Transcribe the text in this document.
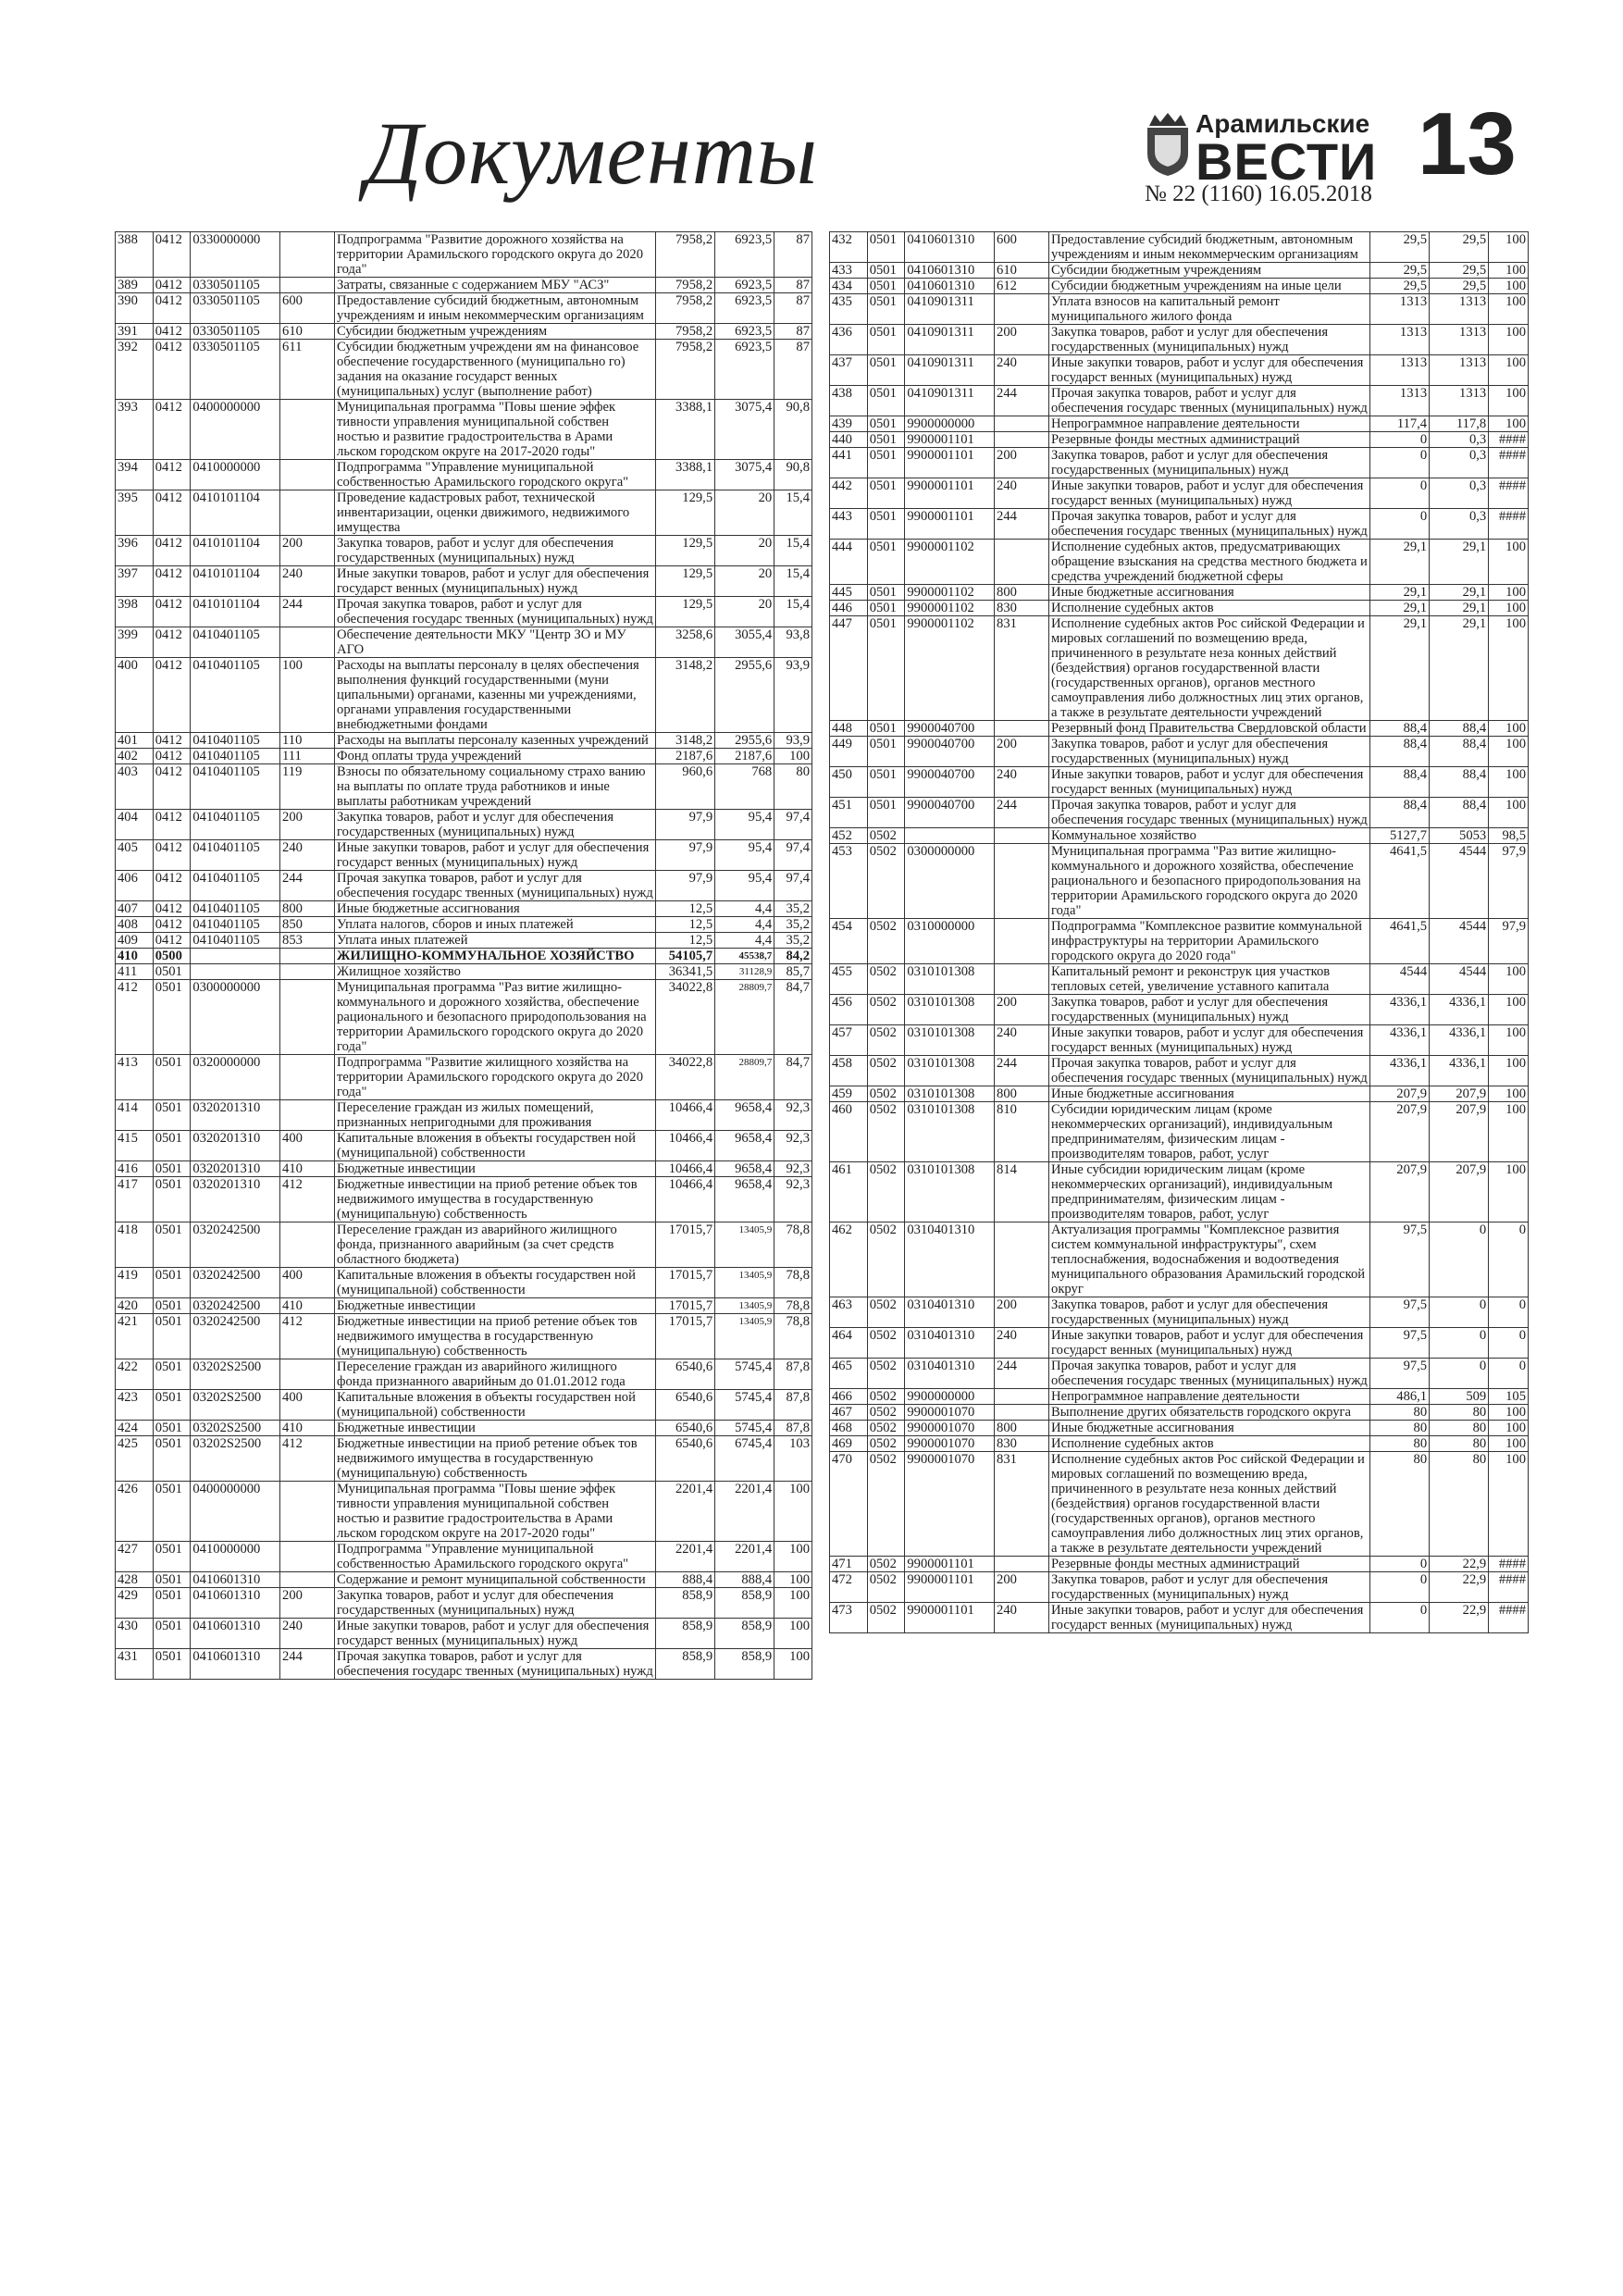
Документы	Арамильские
ВЕСТИ
№ 22 (1160) 16.05.2018
13
388	0412	0330000000		Подпрограмма "Развитие дорожного хозяйства на территории Арамильского городского округа до 2020 года"	7958,2	6923,5	87
389	0412	0330501105		Затраты, связанные с содержанием МБУ "АСЗ"	7958,2	6923,5	87
390	0412	0330501105	600	Предоставление субсидий бюджетным, автономным учреждениям и иным некоммерческим организациям	7958,2	6923,5	87
391	0412	0330501105	610	Субсидии бюджетным учреждениям	7958,2	6923,5	87
392	0412	0330501105	611	Субсидии бюджетным учреждени ям на финансовое обеспечение государственного (муниципально го) задания на оказание государст венных (муниципальных) услуг (выполнение работ)	7958,2	6923,5	87
393	0412	0400000000		Муниципальная программа "Повы шение эффек тивности управления муниципальной собствен ностью и развитие градостроительства в Арами льском городском округе на 2017-2020 годы"	3388,1	3075,4	90,8
394	0412	0410000000		Подпрограмма "Управление муниципальной собственностью Арамильского городского округа"	3388,1	3075,4	90,8
395	0412	0410101104		Проведение кадастровых работ, технической инвентаризации, оценки движимого, недвижимого имущества	129,5	20	15,4
396	0412	0410101104	200	Закупка товаров, работ и услуг для обеспечения государственных (муниципальных) нужд	129,5	20	15,4
397	0412	0410101104	240	Иные закупки товаров, работ и услуг для обеспечения государст венных (муниципальных) нужд	129,5	20	15,4
398	0412	0410101104	244	Прочая закупка товаров, работ и услуг для обеспечения государс твенных (муниципальных) нужд	129,5	20	15,4
399	0412	0410401105		Обеспечение деятельности МКУ "Центр ЗО и МУ АГО	3258,6	3055,4	93,8
400	0412	0410401105	100	Расходы на выплаты персоналу в целях обеспечения выполнения функций государственными (муни ципальными) органами, казенны ми учреждениями, органами управления государственными внебюджетными фондами	3148,2	2955,6	93,9
401	0412	0410401105	110	Расходы на выплаты персоналу казенных учреждений	3148,2	2955,6	93,9
402	0412	0410401105	111	Фонд оплаты труда учреждений	2187,6	2187,6	100
403	0412	0410401105	119	Взносы по обязательному социальному страхо ванию на выплаты по оплате труда работников и иные выплаты работникам учреждений	960,6	768	80
404	0412	0410401105	200	Закупка товаров, работ и услуг для обеспечения государственных (муниципальных) нужд	97,9	95,4	97,4
405	0412	0410401105	240	Иные закупки товаров, работ и услуг для обеспечения государст венных (муниципальных) нужд	97,9	95,4	97,4
406	0412	0410401105	244	Прочая закупка товаров, работ и услуг для обеспечения государс твенных (муниципальных) нужд	97,9	95,4	97,4
407	0412	0410401105	800	Иные бюджетные ассигнования	12,5	4,4	35,2
408	0412	0410401105	850	Уплата налогов, сборов и иных платежей	12,5	4,4	35,2
409	0412	0410401105	853	Уплата иных платежей	12,5	4,4	35,2
410	0500			ЖИЛИЩНО-КОММУНАЛЬНОЕ ХОЗЯЙСТВО	54105,7	45538,7	84,2
411	0501			Жилищное хозяйство	36341,5	31128,9	85,7
412	0501	0300000000		Муниципальная программа "Раз витие жилищно-коммунального и дорожного хозяйства, обеспечение рационального и безопасного природопользования на территории Арамильского городского округа до 2020 года"	34022,8	28809,7	84,7
413	0501	0320000000		Подпрограмма "Развитие жилищного хозяйства на территории Арамильского городского округа до 2020 года"	34022,8	28809,7	84,7
414	0501	0320201310		Переселение граждан из жилых помещений, признанных непригодными для проживания	10466,4	9658,4	92,3
415	0501	0320201310	400	Капитальные вложения в объекты государствен ной (муниципальной) собственности	10466,4	9658,4	92,3
416	0501	0320201310	410	Бюджетные инвестиции	10466,4	9658,4	92,3
417	0501	0320201310	412	Бюджетные инвестиции на приоб ретение объек тов недвижимого имущества в государственную (муниципальную) собственность	10466,4	9658,4	92,3
418	0501	0320242500		Переселение граждан из аварийного жилищного фонда, признанного аварийным (за счет средств областного бюджета)	17015,7	13405,9	78,8
419	0501	0320242500	400	Капитальные вложения в объекты государствен ной (муниципальной) собственности	17015,7	13405,9	78,8
420	0501	0320242500	410	Бюджетные инвестиции	17015,7	13405,9	78,8
421	0501	0320242500	412	Бюджетные инвестиции на приоб ретение объек тов недвижимого имущества в государственную (муниципальную) собственность	17015,7	13405,9	78,8
422	0501	03202S2500		Переселение граждан из аварийного жилищного фонда признанного аварийным до 01.01.2012 года	6540,6	5745,4	87,8
423	0501	03202S2500	400	Капитальные вложения в объекты государствен ной (муниципальной) собственности	6540,6	5745,4	87,8
424	0501	03202S2500	410	Бюджетные инвестиции	6540,6	5745,4	87,8
425	0501	03202S2500	412	Бюджетные инвестиции на приоб ретение объек тов недвижимого имущества в государственную (муниципальную) собственность	6540,6	6745,4	103
426	0501	0400000000		Муниципальная программа "Повы шение эффек тивности управления муниципальной собствен ностью и развитие градостроительства в Арами льском городском округе на 2017-2020 годы"	2201,4	2201,4	100
427	0501	0410000000		Подпрограмма "Управление муниципальной собственностью Арамильского городского округа"	2201,4	2201,4	100
428	0501	0410601310		Содержание и ремонт муниципальной собственности	888,4	888,4	100
429	0501	0410601310	200	Закупка товаров, работ и услуг для обеспечения государственных (муниципальных) нужд	858,9	858,9	100
430	0501	0410601310	240	Иные закупки товаров, работ и услуг для обеспечения государст венных (муниципальных) нужд	858,9	858,9	100
431	0501	0410601310	244	Прочая закупка товаров, работ и услуг для обеспечения государс твенных (муниципальных) нужд	858,9	858,9	100
432	0501	0410601310	600	Предоставление субсидий бюджетным, автономным учреждениям и иным некоммерческим организациям	29,5	29,5	100
433	0501	0410601310	610	Субсидии бюджетным учреждениям	29,5	29,5	100
434	0501	0410601310	612	Субсидии бюджетным учреждениям на иные цели	29,5	29,5	100
435	0501	0410901311		Уплата взносов на капитальный ремонт муниципального жилого фонда	1313	1313	100
436	0501	0410901311	200	Закупка товаров, работ и услуг для обеспечения государственных (муниципальных) нужд	1313	1313	100
437	0501	0410901311	240	Иные закупки товаров, работ и услуг для обеспечения государст венных (муниципальных) нужд	1313	1313	100
438	0501	0410901311	244	Прочая закупка товаров, работ и услуг для обеспечения государс твенных (муниципальных) нужд	1313	1313	100
439	0501	9900000000		Непрограммное направление деятельности	117,4	117,8	100
440	0501	9900001101		Резервные фонды местных администраций	0	0,3	####
441	0501	9900001101	200	Закупка товаров, работ и услуг для обеспечения государственных (муниципальных) нужд	0	0,3	####
442	0501	9900001101	240	Иные закупки товаров, работ и услуг для обеспечения государст венных (муниципальных) нужд	0	0,3	####
443	0501	9900001101	244	Прочая закупка товаров, работ и услуг для обеспечения государс твенных (муниципальных) нужд	0	0,3	####
444	0501	9900001102		Исполнение судебных актов, предусматривающих обращение взыскания на средства местного бюджета и средства учреждений бюджетной сферы	29,1	29,1	100
445	0501	9900001102	800	Иные бюджетные ассигнования	29,1	29,1	100
446	0501	9900001102	830	Исполнение судебных актов	29,1	29,1	100
447	0501	9900001102	831	Исполнение судебных актов Рос сийской Федерации и мировых соглашений по возмещению вреда, причиненного в результате неза конных действий (бездействия) органов государственной власти (государственных органов), органов местного самоуправления либо должностных лиц этих органов, а также в результате деятельности учреждений	29,1	29,1	100
448	0501	9900040700		Резервный фонд Правительства Свердловской области	88,4	88,4	100
449	0501	9900040700	200	Закупка товаров, работ и услуг для обеспечения государственных (муниципальных) нужд	88,4	88,4	100
450	0501	9900040700	240	Иные закупки товаров, работ и услуг для обеспечения государст венных (муниципальных) нужд	88,4	88,4	100
451	0501	9900040700	244	Прочая закупка товаров, работ и услуг для обеспечения государс твенных (муниципальных) нужд	88,4	88,4	100
452	0502			Коммунальное хозяйство	5127,7	5053	98,5
453	0502	0300000000		Муниципальная программа "Раз витие жилищно-коммунального и дорожного хозяйства, обеспечение рационального и безопасного природопользования на территории Арамильского городского округа до 2020 года"	4641,5	4544	97,9
454	0502	0310000000		Подпрограмма "Комплексное развитие коммунальной инфраструктуры на территории Арамильского городского округа до 2020 года"	4641,5	4544	97,9
455	0502	0310101308		Капитальный ремонт и реконструк ция участков тепловых сетей, увеличение уставного капитала	4544	4544	100
456	0502	0310101308	200	Закупка товаров, работ и услуг для обеспечения государственных (муниципальных) нужд	4336,1	4336,1	100
457	0502	0310101308	240	Иные закупки товаров, работ и услуг для обеспечения государст венных (муниципальных) нужд	4336,1	4336,1	100
458	0502	0310101308	244	Прочая закупка товаров, работ и услуг для обеспечения государс твенных (муниципальных) нужд	4336,1	4336,1	100
459	0502	0310101308	800	Иные бюджетные ассигнования	207,9	207,9	100
460	0502	0310101308	810	Субсидии юридическим лицам (кроме некоммерческих организаций), индивидуальным предпринимателям, физическим лицам - производителям товаров, работ, услуг	207,9	207,9	100
461	0502	0310101308	814	Иные субсидии юридическим лицам (кроме некоммерческих организаций), индивидуальным предпринимателям, физическим лицам - производителям товаров, работ, услуг	207,9	207,9	100
462	0502	0310401310		Актуализация программы "Комплексное развития систем коммунальной инфраструктуры", схем теплоснабжения, водоснабжения и водоотведения муниципального образования Арамильский городской округ	97,5	0	0
463	0502	0310401310	200	Закупка товаров, работ и услуг для обеспечения государственных (муниципальных) нужд	97,5	0	0
464	0502	0310401310	240	Иные закупки товаров, работ и услуг для обеспечения государст венных (муниципальных) нужд	97,5	0	0
465	0502	0310401310	244	Прочая закупка товаров, работ и услуг для обеспечения государс твенных (муниципальных) нужд	97,5	0	0
466	0502	9900000000		Непрограммное направление деятельности	486,1	509	105
467	0502	9900001070		Выполнение других обязательств городского округа	80	80	100
468	0502	9900001070	800	Иные бюджетные ассигнования	80	80	100
469	0502	9900001070	830	Исполнение судебных актов	80	80	100
470	0502	9900001070	831	Исполнение судебных актов Рос сийской Федерации и мировых соглашений по возмещению вреда, причиненного в результате неза конных действий (бездействия) органов государственной власти (государственных органов), органов местного самоуправления либо должностных лиц этих органов, а также в результате деятельности учреждений	80	80	100
471	0502	9900001101		Резервные фонды местных администраций	0	22,9	####
472	0502	9900001101	200	Закупка товаров, работ и услуг для обеспечения государственных (муниципальных) нужд	0	22,9	####
473	0502	9900001101	240	Иные закупки товаров, работ и услуг для обеспечения государст венных (муниципальных) нужд	0	22,9	####
